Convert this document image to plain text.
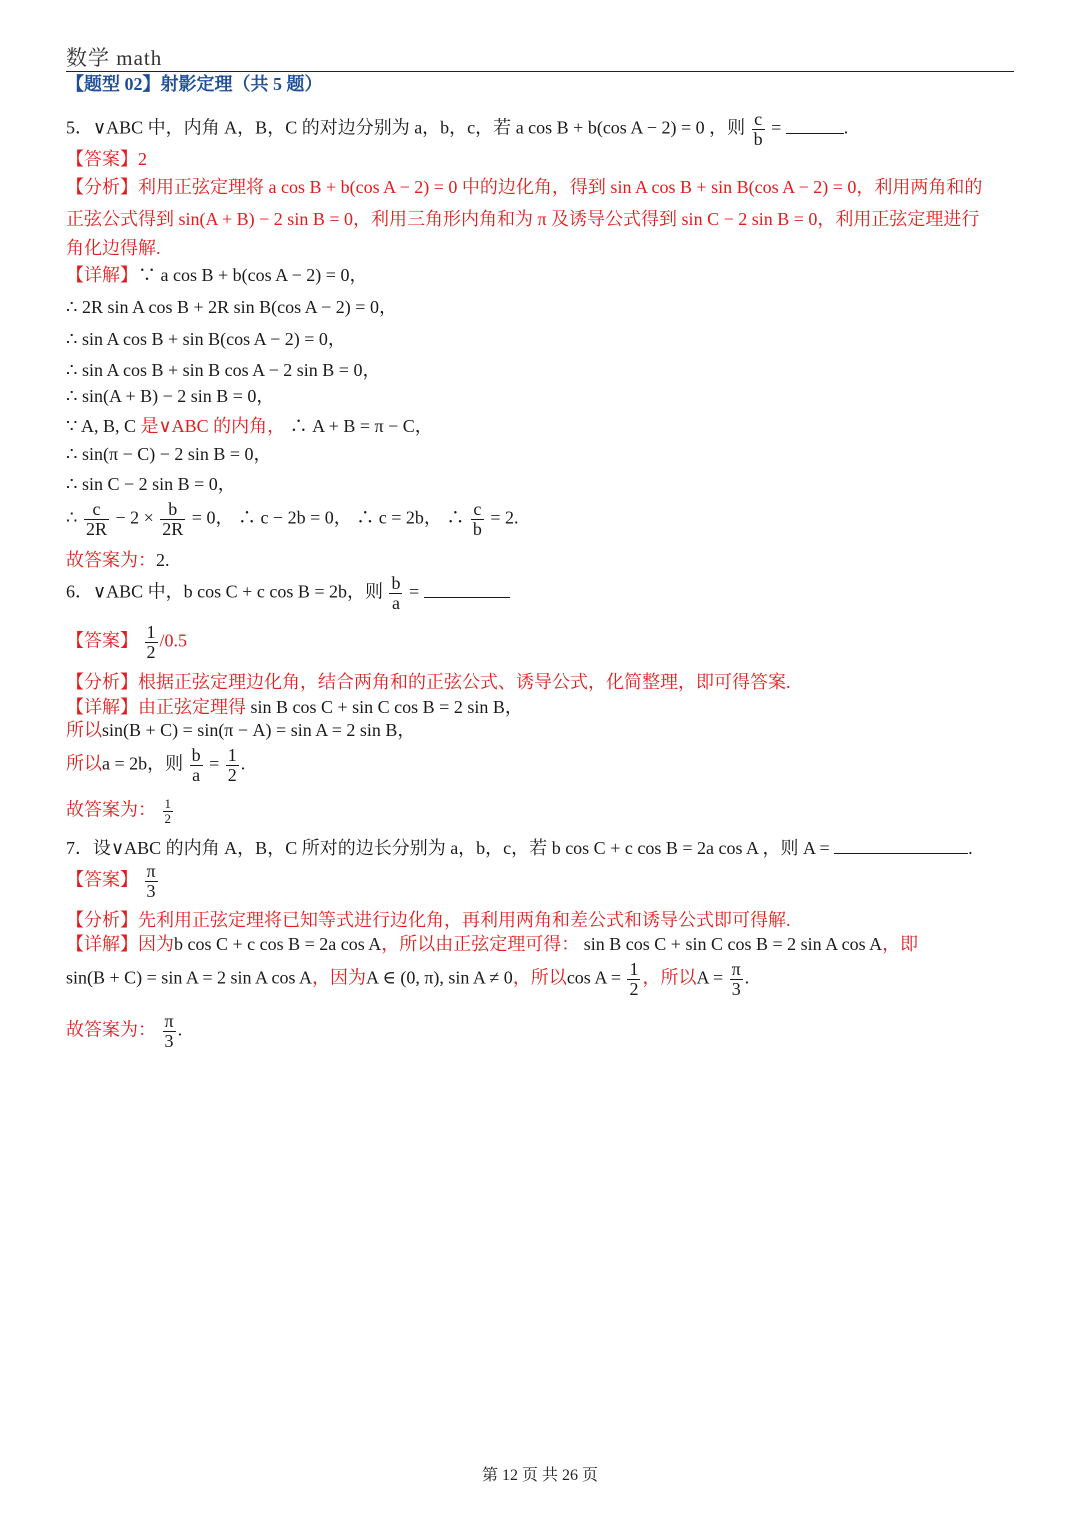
数学 math
【题型 02】射影定理（共 5 题）
5．∨ABC 中，内角 A，B，C 的对边分别为 a，b，c，若 a cos B + b(cos A − 2) = 0 ，则 $\frac{c}{b}$ =	.
【答案】2
【分析】利用正弦定理将 a cos B + b(cos A − 2) = 0 中的边化角，得到 sin A cos B + sin B(cos A − 2) = 0，利用两角和的
正弦公式得到 sin(A + B) − 2 sin B = 0，利用三角形内角和为 π 及诱导公式得到 sin C − 2 sin B = 0，利用正弦定理进行
角化边得解.
【详解】∵ a cos B + b(cos A − 2) = 0，
∴ 2R sin A cos B + 2R sin B(cos A − 2) = 0，
∴ sin A cos B + sin B(cos A − 2) = 0，
∴ sin A cos B + sin B cos A − 2 sin B = 0，
∴ sin(A + B) − 2 sin B = 0，
∵ A, B, C 是∨ABC 的内角， ∴ A + B = π − C，
∴ sin(π − C) − 2 sin B = 0，
∴ sin C − 2 sin B = 0，
∴ $\frac{c}{2R} - 2 \times \frac{b}{2R} = 0$， ∴ c − 2b = 0， ∴ c = 2b， ∴ $\frac{c}{b} = 2$.
故答案为：2.
6．∨ABC 中，b cos C + c cos B = 2b，则 $\frac{b}{a}$ =
【答案】 $\frac{1}{2} /0.5$
【分析】根据正弦定理边化角，结合两角和的正弦公式、诱导公式，化简整理，即可得答案.
【详解】由正弦定理得 sin B cos C + sin C cos B = 2 sin B，
所以sin(B + C) = sin(π − A) = sin A = 2 sin B，
所以a = 2b，则 $\frac{b}{a} = \frac{1}{2}$ .
故答案为： $\frac{1}{2}$
7．设∨ABC 的内角 A，B，C 所对的边长分别为 a，b，c，若 b cos C + c cos B = 2a cos A ，则 A =	.
【答案】 $\frac{\pi}{3}$
【分析】先利用正弦定理将已知等式进行边化角，再利用两角和差公式和诱导公式即可得解.
【详解】因为b cos C + c cos B = 2a cos A，所以由正弦定理可得： sin B cos C + sin C cos B = 2 sin A cos A，即
sin(B + C) = sin A = 2 sin A cos A，因为A ∈ (0, π), sin A ≠ 0，所以$\cos A = \frac{1}{2}$ ，所以$A = \frac{\pi}{3}$ .
故答案为： $\frac{\pi}{3}$ .
第 12 页 共 26 页
